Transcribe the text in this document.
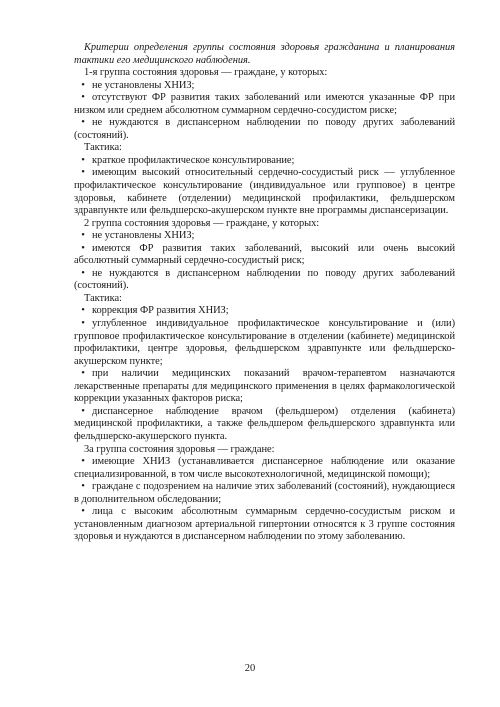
Критерии определения группы состояния здоровья гражданина и планирования тактики его медицинского наблюдения.

1-я группа состояния здоровья — граждане, у которых:

• не установлены ХНИЗ;

• отсутствуют ФР развития таких заболеваний или имеются указанные ФР при низком или среднем абсолютном суммарном сердечно-сосудистом риске;

• не нуждаются в диспансерном наблюдении по поводу других заболеваний (состояний).

Тактика:

• краткое профилактическое консультирование;

• имеющим высокий относительный сердечно-сосудистый риск — углубленное профилактическое консультирование (индивидуальное или групповое) в центре здоровья, кабинете (отделении) медицинской профилактики, фельдшерском здравпункте или фельдшерско-акушерском пункте вне программы диспансеризации.

2 группа состояния здоровья — граждане, у которых:

• не установлены ХНИЗ;

• имеются ФР развития таких заболеваний, высокий или очень высокий абсолютный суммарный сердечно-сосудистый риск;

• не нуждаются в диспансерном наблюдении по поводу других заболеваний (состояний).

Тактика:

• коррекция ФР развития ХНИЗ;

• углубленное индивидуальное профилактическое консультирование и (или) групповое профилактическое консультирование в отделении (кабинете) медицинской профилактики, центре здоровья, фельдшерском здравпункте или фельдшерско-акушерском пункте;

• при наличии медицинских показаний врачом-терапевтом назначаются лекарственные препараты для медицинского применения в целях фармакологической коррекции указанных факторов риска;

• диспансерное наблюдение врачом (фельдшером) отделения (кабинета) медицинской профилактики, а также фельдшером фельдшерского здравпункта или фельдшерско-акушерского пункта.

3а группа состояния здоровья — граждане:

• имеющие ХНИЗ (устанавливается диспансерное наблюдение или оказание специализированной, в том числе высокотехнологичной, медицинской помощи);

• граждане с подозрением на наличие этих заболеваний (состояний), нуждающиеся в дополнительном обследовании;

• лица с высоким абсолютным суммарным сердечно-сосудистым риском и установленным диагнозом артериальной гипертонии относятся к 3 группе состояния здоровья и нуждаются в диспансерном наблюдении по этому заболеванию.

20
